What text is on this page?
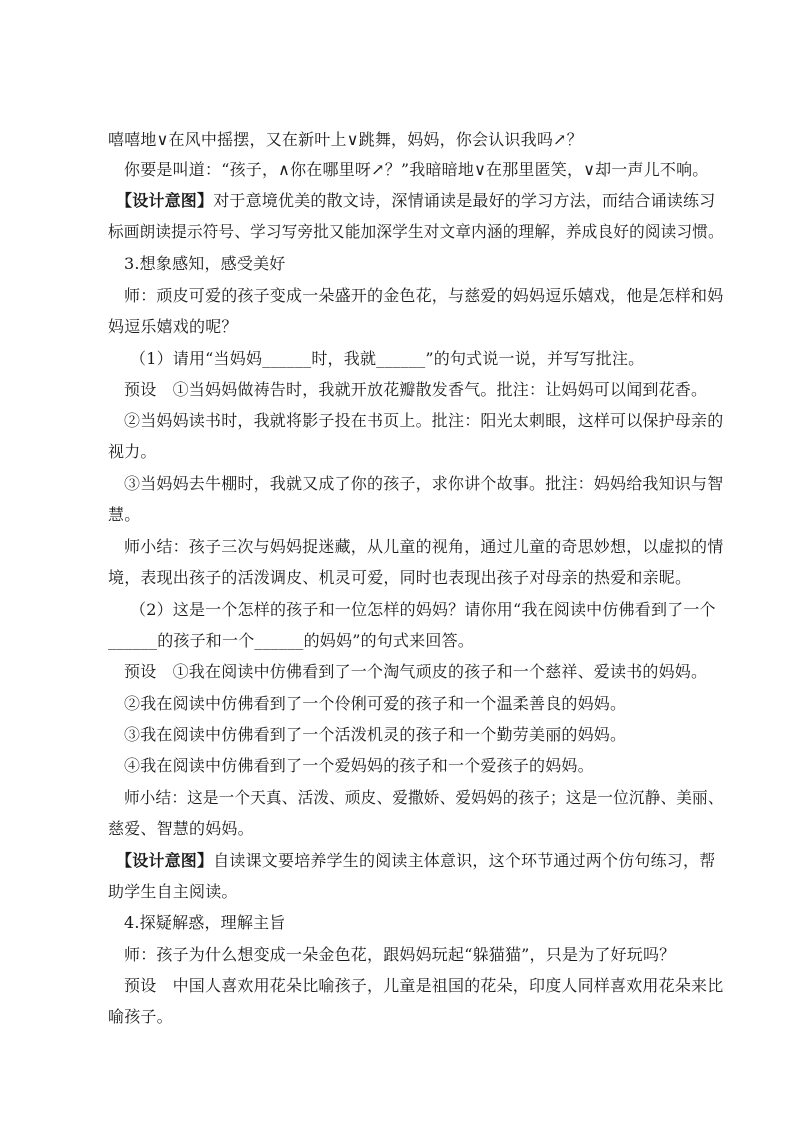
嘻嘻地∨在风中摇摆，又在新叶上∨跳舞，妈妈，你会认识我吗↗？
你要是叫道：“孩子，∧你在哪里呀↗？”我暗暗地∨在那里匿笑，∨却一声儿不响。
【设计意图】对于意境优美的散文诗，深情诵读是最好的学习方法，而结合诵读练习
标画朗读提示符号、学习写旁批又能加深学生对文章内涵的理解，养成良好的阅读习惯。
3.想象感知，感受美好
师：顽皮可爱的孩子变成一朵盛开的金色花，与慈爱的妈妈逗乐嬉戏，他是怎样和妈
妈逗乐嬉戏的呢？
（1）请用“当妈妈______时，我就______”的句式说一说，并写写批注。
预设　①当妈妈做祷告时，我就开放花瓣散发香气。批注：让妈妈可以闻到花香。
②当妈妈读书时，我就将影子投在书页上。批注：阳光太刺眼，这样可以保护母亲的
视力。
③当妈妈去牛棚时，我就又成了你的孩子，求你讲个故事。批注：妈妈给我知识与智
慧。
师小结：孩子三次与妈妈捉迷藏，从儿童的视角，通过儿童的奇思妙想，以虚拟的情
境，表现出孩子的活泼调皮、机灵可爱，同时也表现出孩子对母亲的热爱和亲昵。
（2）这是一个怎样的孩子和一位怎样的妈妈？请你用“我在阅读中仿佛看到了一个
______的孩子和一个______的妈妈”的句式来回答。
预设　①我在阅读中仿佛看到了一个淘气顽皮的孩子和一个慈祥、爱读书的妈妈。
②我在阅读中仿佛看到了一个伶俐可爱的孩子和一个温柔善良的妈妈。
③我在阅读中仿佛看到了一个活泼机灵的孩子和一个勤劳美丽的妈妈。
④我在阅读中仿佛看到了一个爱妈妈的孩子和一个爱孩子的妈妈。
师小结：这是一个天真、活泼、顽皮、爱撒娇、爱妈妈的孩子；这是一位沉静、美丽、
慈爱、智慧的妈妈。
【设计意图】自读课文要培养学生的阅读主体意识，这个环节通过两个仿句练习，帮
助学生自主阅读。
4.探疑解惑，理解主旨
师：孩子为什么想变成一朵金色花，跟妈妈玩起“躲猫猫”，只是为了好玩吗？
预设　中国人喜欢用花朵比喻孩子，儿童是祖国的花朵，印度人同样喜欢用花朵来比
喻孩子。
